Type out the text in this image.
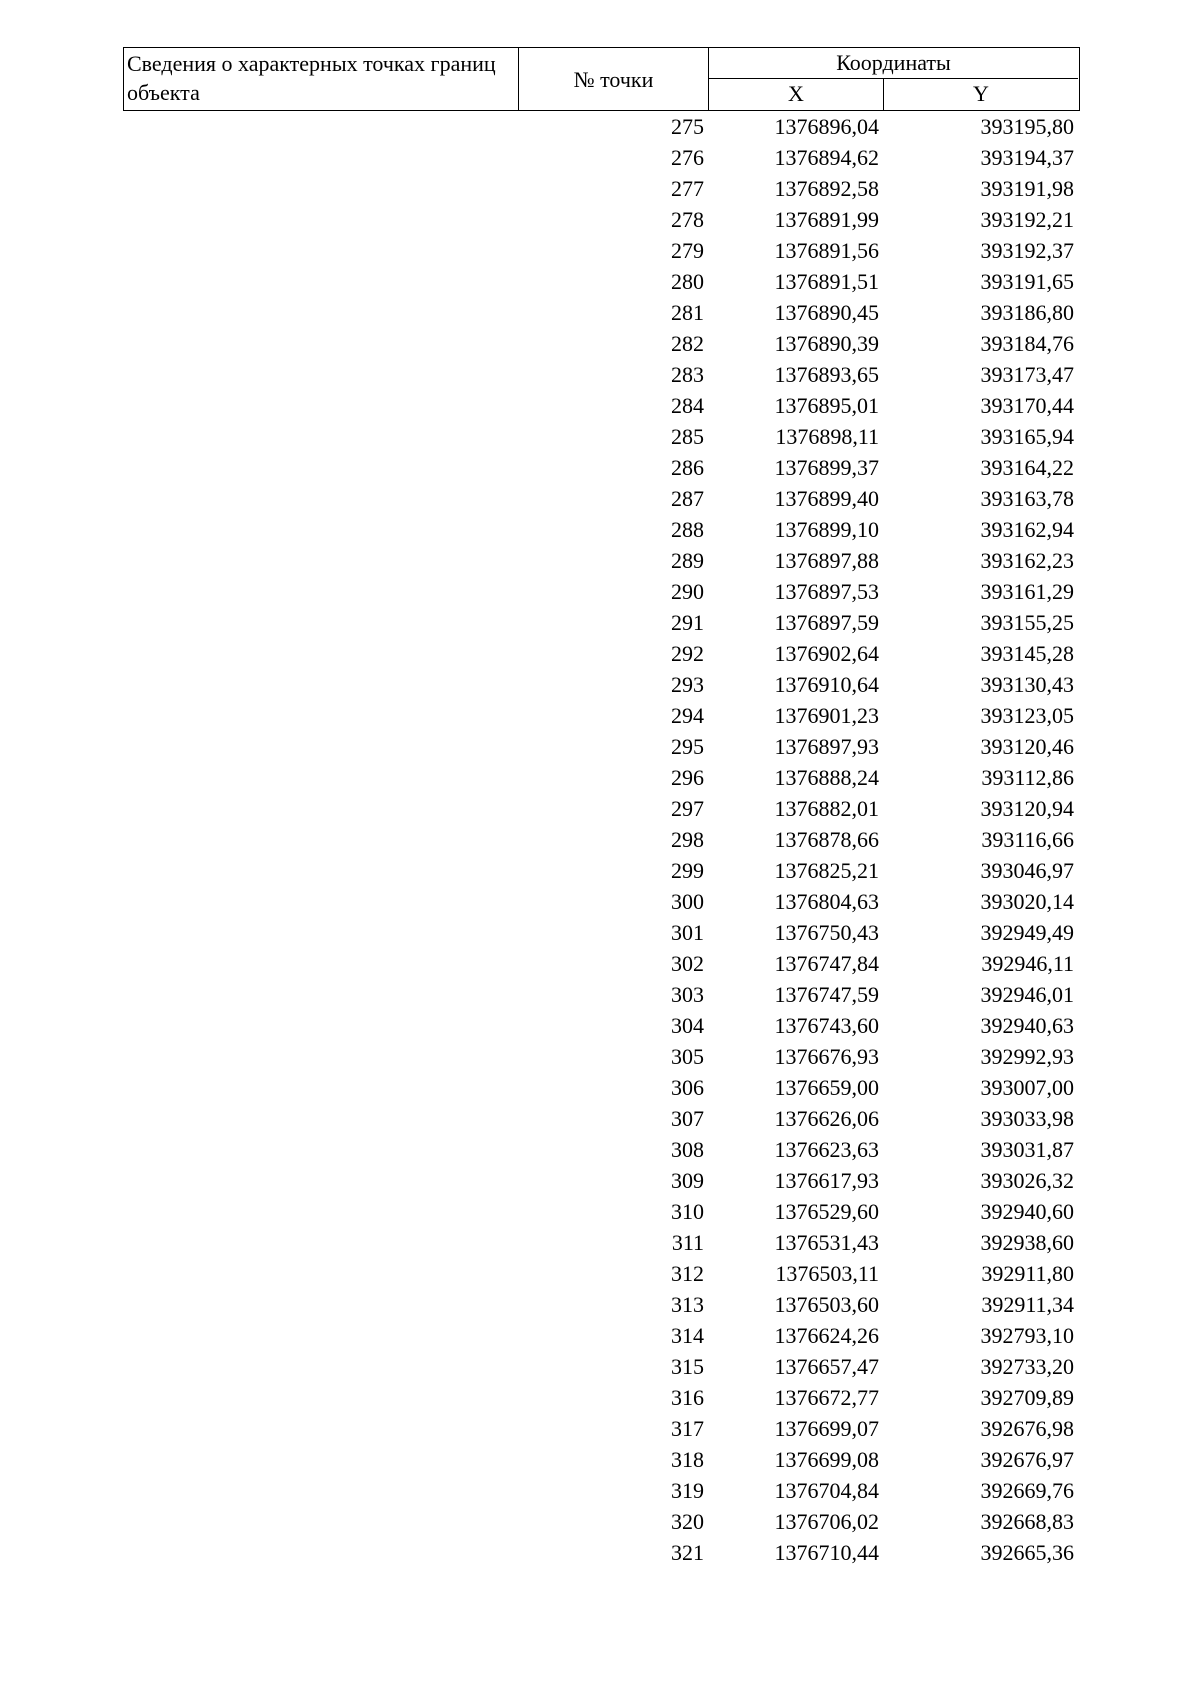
Сведения о характерных точках границ объекта
№ точки
Координаты
X	Y
275	1376896,04	393195,80
276	1376894,62	393194,37
277	1376892,58	393191,98
278	1376891,99	393192,21
279	1376891,56	393192,37
280	1376891,51	393191,65
281	1376890,45	393186,80
282	1376890,39	393184,76
283	1376893,65	393173,47
284	1376895,01	393170,44
285	1376898,11	393165,94
286	1376899,37	393164,22
287	1376899,40	393163,78
288	1376899,10	393162,94
289	1376897,88	393162,23
290	1376897,53	393161,29
291	1376897,59	393155,25
292	1376902,64	393145,28
293	1376910,64	393130,43
294	1376901,23	393123,05
295	1376897,93	393120,46
296	1376888,24	393112,86
297	1376882,01	393120,94
298	1376878,66	393116,66
299	1376825,21	393046,97
300	1376804,63	393020,14
301	1376750,43	392949,49
302	1376747,84	392946,11
303	1376747,59	392946,01
304	1376743,60	392940,63
305	1376676,93	392992,93
306	1376659,00	393007,00
307	1376626,06	393033,98
308	1376623,63	393031,87
309	1376617,93	393026,32
310	1376529,60	392940,60
311	1376531,43	392938,60
312	1376503,11	392911,80
313	1376503,60	392911,34
314	1376624,26	392793,10
315	1376657,47	392733,20
316	1376672,77	392709,89
317	1376699,07	392676,98
318	1376699,08	392676,97
319	1376704,84	392669,76
320	1376706,02	392668,83
321	1376710,44	392665,36
